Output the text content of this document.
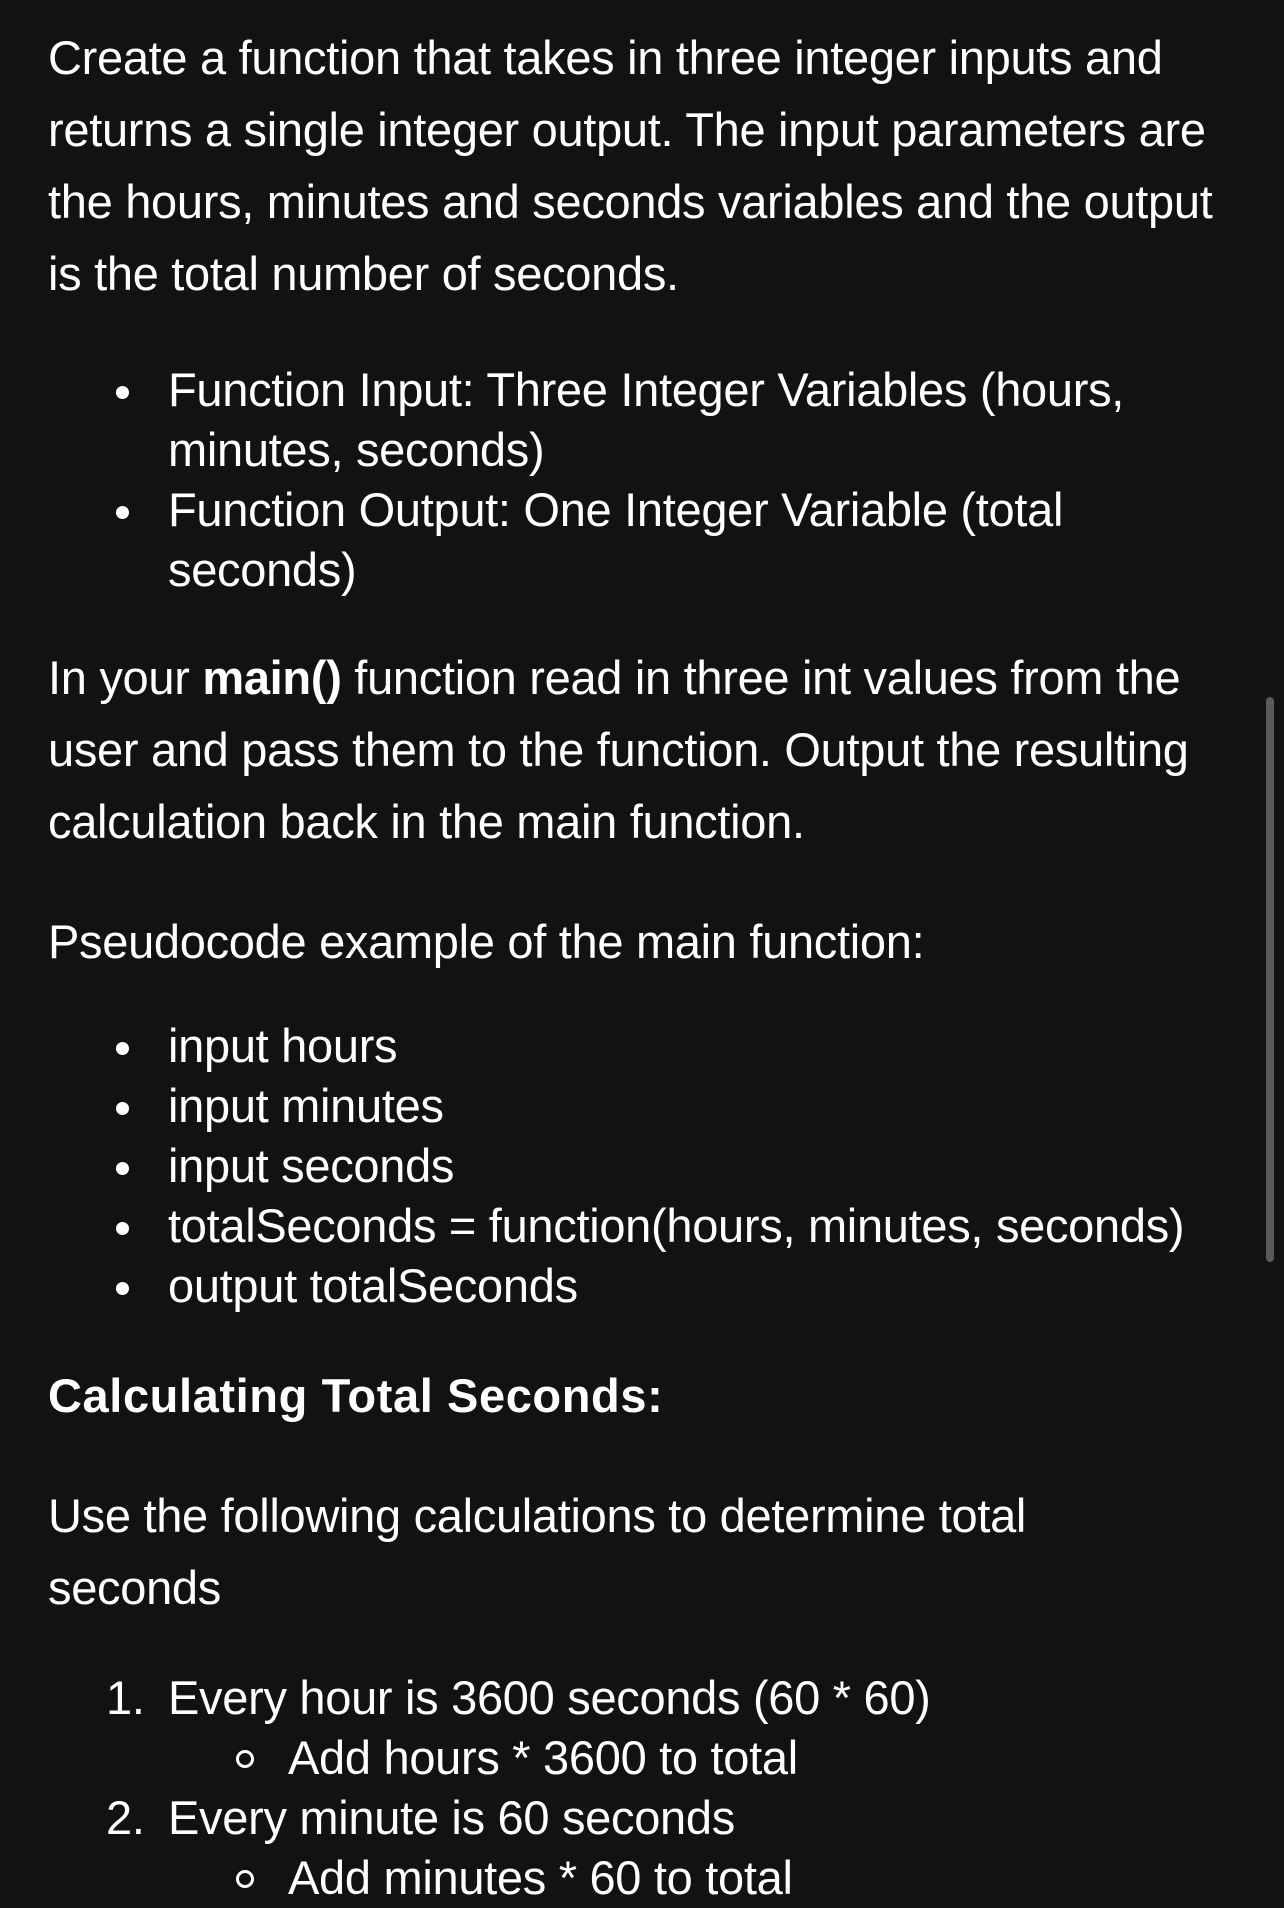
Create a function that takes in three integer inputs and returns a single integer output. The input parameters are the hours, minutes and seconds variables and the output is the total number of seconds.

Function Input: Three Integer Variables (hours, minutes, seconds)
Function Output: One Integer Variable (total seconds)

In your main() function read in three int values from the user and pass them to the function. Output the resulting calculation back in the main function.

Pseudocode example of the main function:

input hours
input minutes
input seconds
totalSeconds = function(hours, minutes, seconds)
output totalSeconds
Calculating Total Seconds:

Use the following calculations to determine total seconds

1. Every hour is 3600 seconds (60 * 60)
Add hours * 3600 to total
2. Every minute is 60 seconds
Add minutes * 60 to total
